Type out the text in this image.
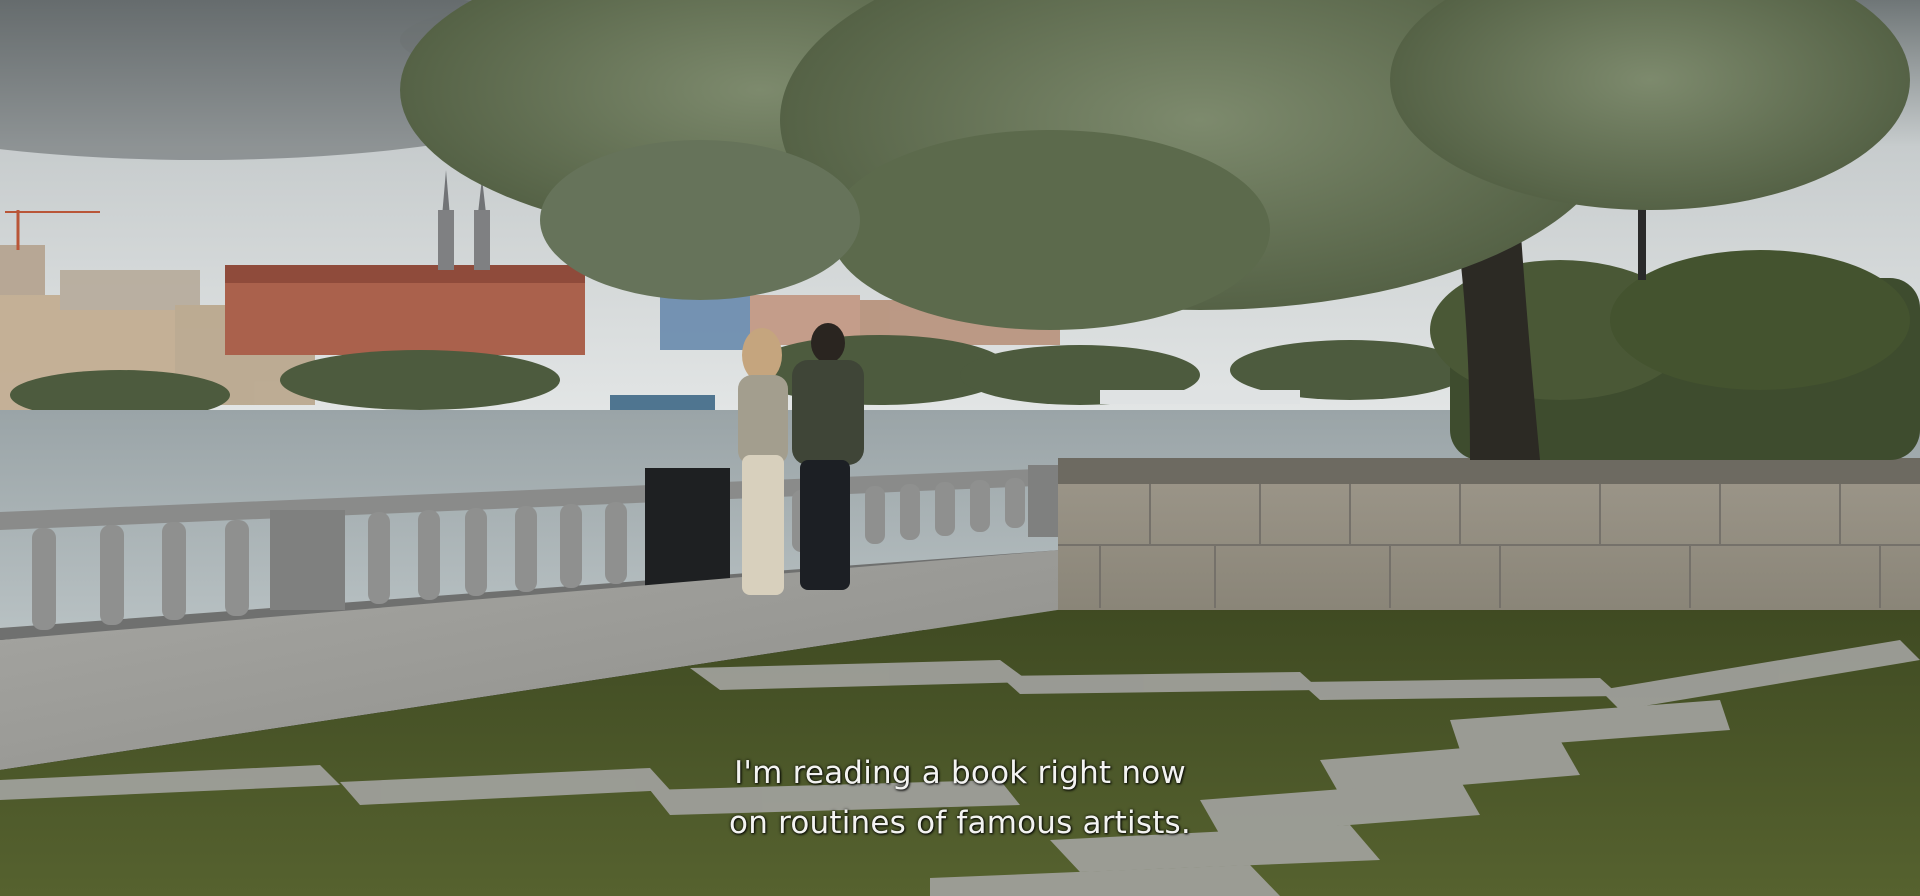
I'm reading a book right now
on routines of famous artists.
